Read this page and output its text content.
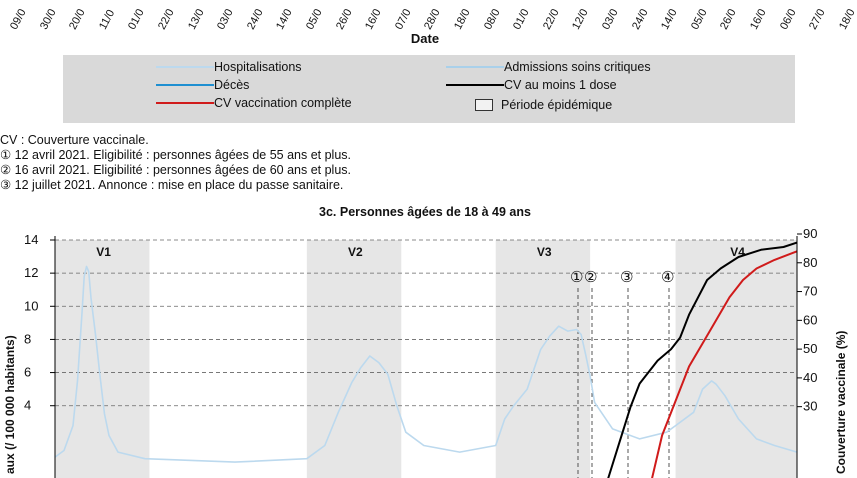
09/0 30/0 20/0 11/0 01/0 22/0 13/0 03/0 24/0 14/0 05/0 26/0 16/0 07/0 28/0 18/0 08/0 01/0 22/0 12/0 03/0 24/0 14/0 05/0 26/0 16/0 06/0 27/0 18/0
Date
Hospitalisations
Décès
CV vaccination complète
Admissions soins critiques
CV au moins 1 dose
Période épidémique
CV : Couverture vaccinale.
① 12 avril 2021. Eligibilité : personnes âgées de 55 ans et plus.
② 16 avril 2021. Eligibilité : personnes âgées de 60 ans et plus.
③ 12 juillet 2021. Annonce : mise en place du passe sanitaire.
3c. Personnes âgées de 18 à 49 ans
V1	V2	V3	V4
① ② ③ ④
4
6
8
10
12
14
30
40
50
60
70
80
90
aux (/ 100 000 habitants)	Couverture vaccinale (%)
